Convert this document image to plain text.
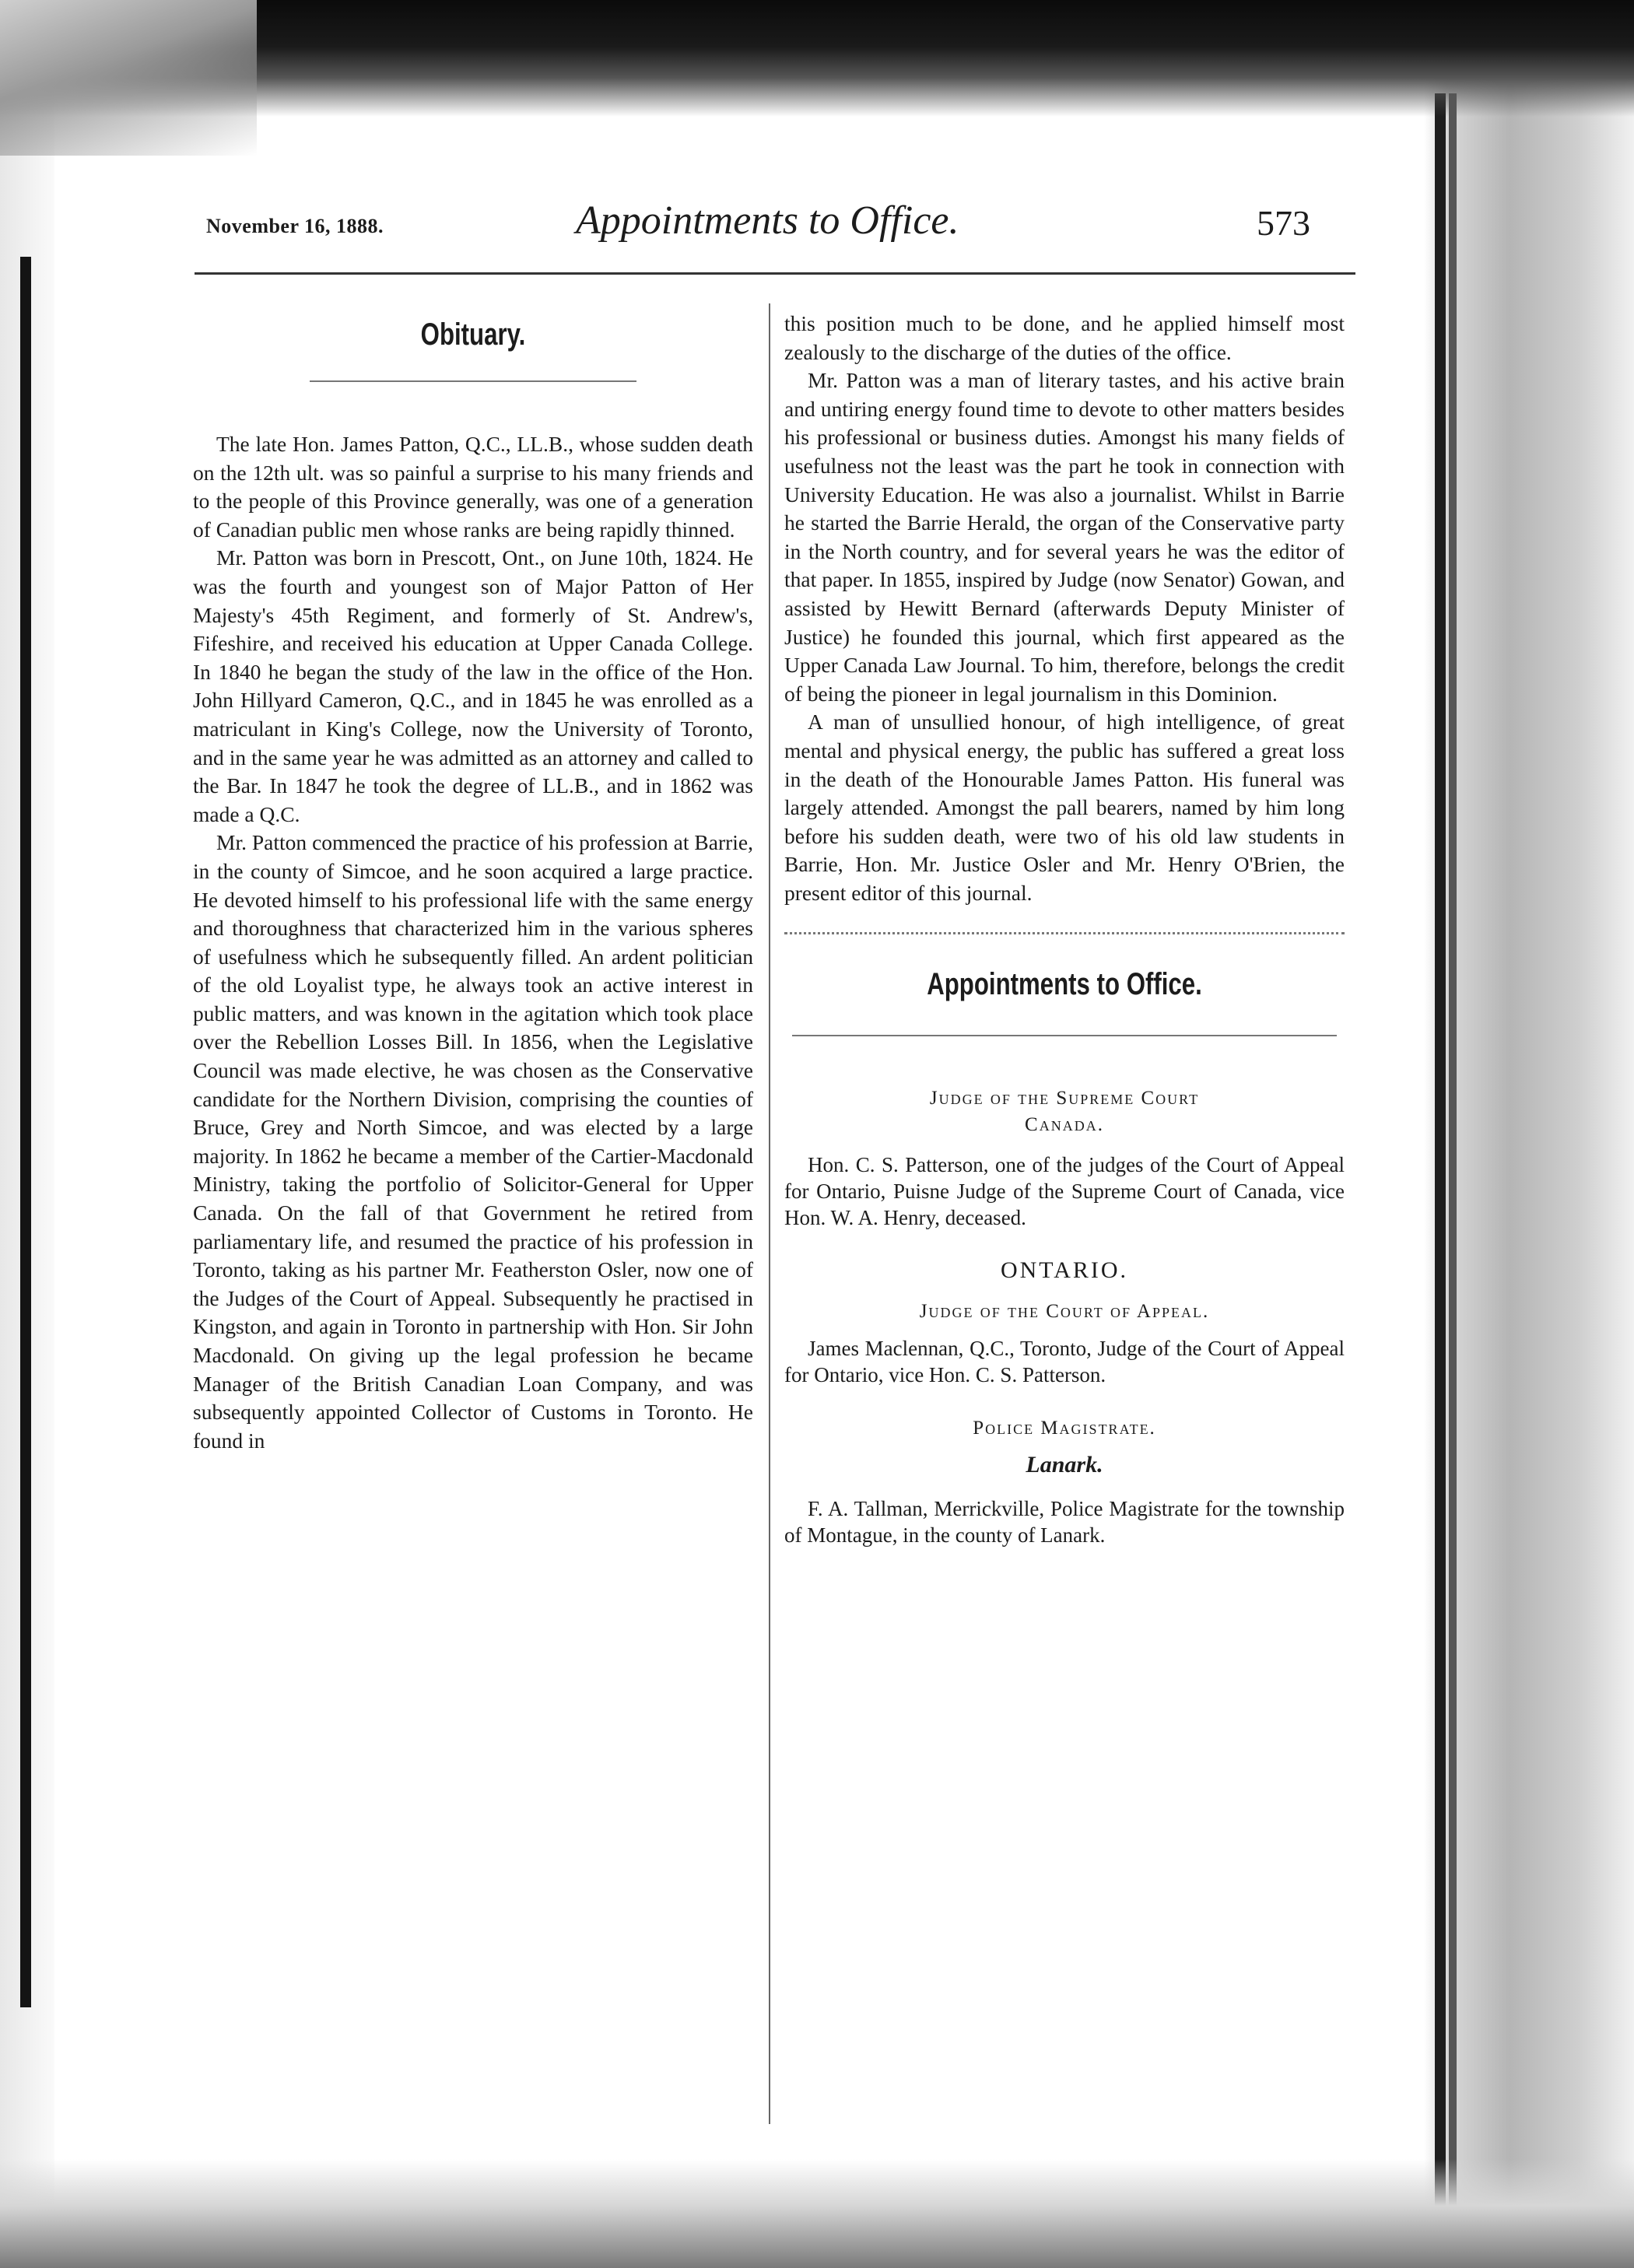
November 16, 1888.	Appointments to Office.	573
Obituary.

The late Hon. James Patton, Q.C., LL.B., whose sudden death on the 12th ult. was so painful a surprise to his many friends and to the people of this Province generally, was one of a generation of Canadian public men whose ranks are being rapidly thinned.

Mr. Patton was born in Prescott, Ont., on June 10th, 1824. He was the fourth and youngest son of Major Patton of Her Majesty's 45th Regiment, and formerly of St. Andrew's, Fifeshire, and received his education at Upper Canada College. In 1840 he began the study of the law in the office of the Hon. John Hillyard Cameron, Q.C., and in 1845 he was enrolled as a matriculant in King's College, now the University of Toronto, and in the same year he was admitted as an attorney and called to the Bar. In 1847 he took the degree of LL.B., and in 1862 was made a Q.C.

Mr. Patton commenced the practice of his profession at Barrie, in the county of Simcoe, and he soon acquired a large practice. He devoted himself to his professional life with the same energy and thoroughness that characterized him in the various spheres of usefulness which he subsequently filled. An ardent politician of the old Loyalist type, he always took an active interest in public matters, and was known in the agitation which took place over the Rebellion Losses Bill. In 1856, when the Legislative Council was made elective, he was chosen as the Conservative candidate for the Northern Division, comprising the counties of Bruce, Grey and North Simcoe, and was elected by a large majority. In 1862 he became a member of the Cartier-Macdonald Ministry, taking the portfolio of Solicitor-General for Upper Canada. On the fall of that Government he retired from parliamentary life, and resumed the practice of his profession in Toronto, taking as his partner Mr. Featherston Osler, now one of the Judges of the Court of Appeal. Subsequently he practised in Kingston, and again in Toronto in partnership with Hon. Sir John Macdonald. On giving up the legal profession he became Manager of the British Canadian Loan Company, and was subsequently appointed Collector of Customs in Toronto. He found in

this position much to be done, and he applied himself most zealously to the discharge of the duties of the office.

Mr. Patton was a man of literary tastes, and his active brain and untiring energy found time to devote to other matters besides his professional or business duties. Amongst his many fields of usefulness not the least was the part he took in connection with University Education. He was also a journalist. Whilst in Barrie he started the Barrie Herald, the organ of the Conservative party in the North country, and for several years he was the editor of that paper. In 1855, inspired by Judge (now Senator) Gowan, and assisted by Hewitt Bernard (afterwards Deputy Minister of Justice) he founded this journal, which first appeared as the Upper Canada Law Journal. To him, therefore, belongs the credit of being the pioneer in legal journalism in this Dominion.

A man of unsullied honour, of high intelligence, of great mental and physical energy, the public has suffered a great loss in the death of the Honourable James Patton. His funeral was largely attended. Amongst the pall bearers, named by him long before his sudden death, were two of his old law students in Barrie, Hon. Mr. Justice Osler and Mr. Henry O'Brien, the present editor of this journal.

Appointments to Office.
Judge of the Supreme Court
Canada.

Hon. C. S. Patterson, one of the judges of the Court of Appeal for Ontario, Puisne Judge of the Supreme Court of Canada, vice Hon. W. A. Henry, deceased.

ONTARIO.
Judge of the Court of Appeal.

James Maclennan, Q.C., Toronto, Judge of the Court of Appeal for Ontario, vice Hon. C. S. Patterson.

Police Magistrate.
Lanark.

F. A. Tallman, Merrickville, Police Magistrate for the township of Montague, in the county of Lanark.
